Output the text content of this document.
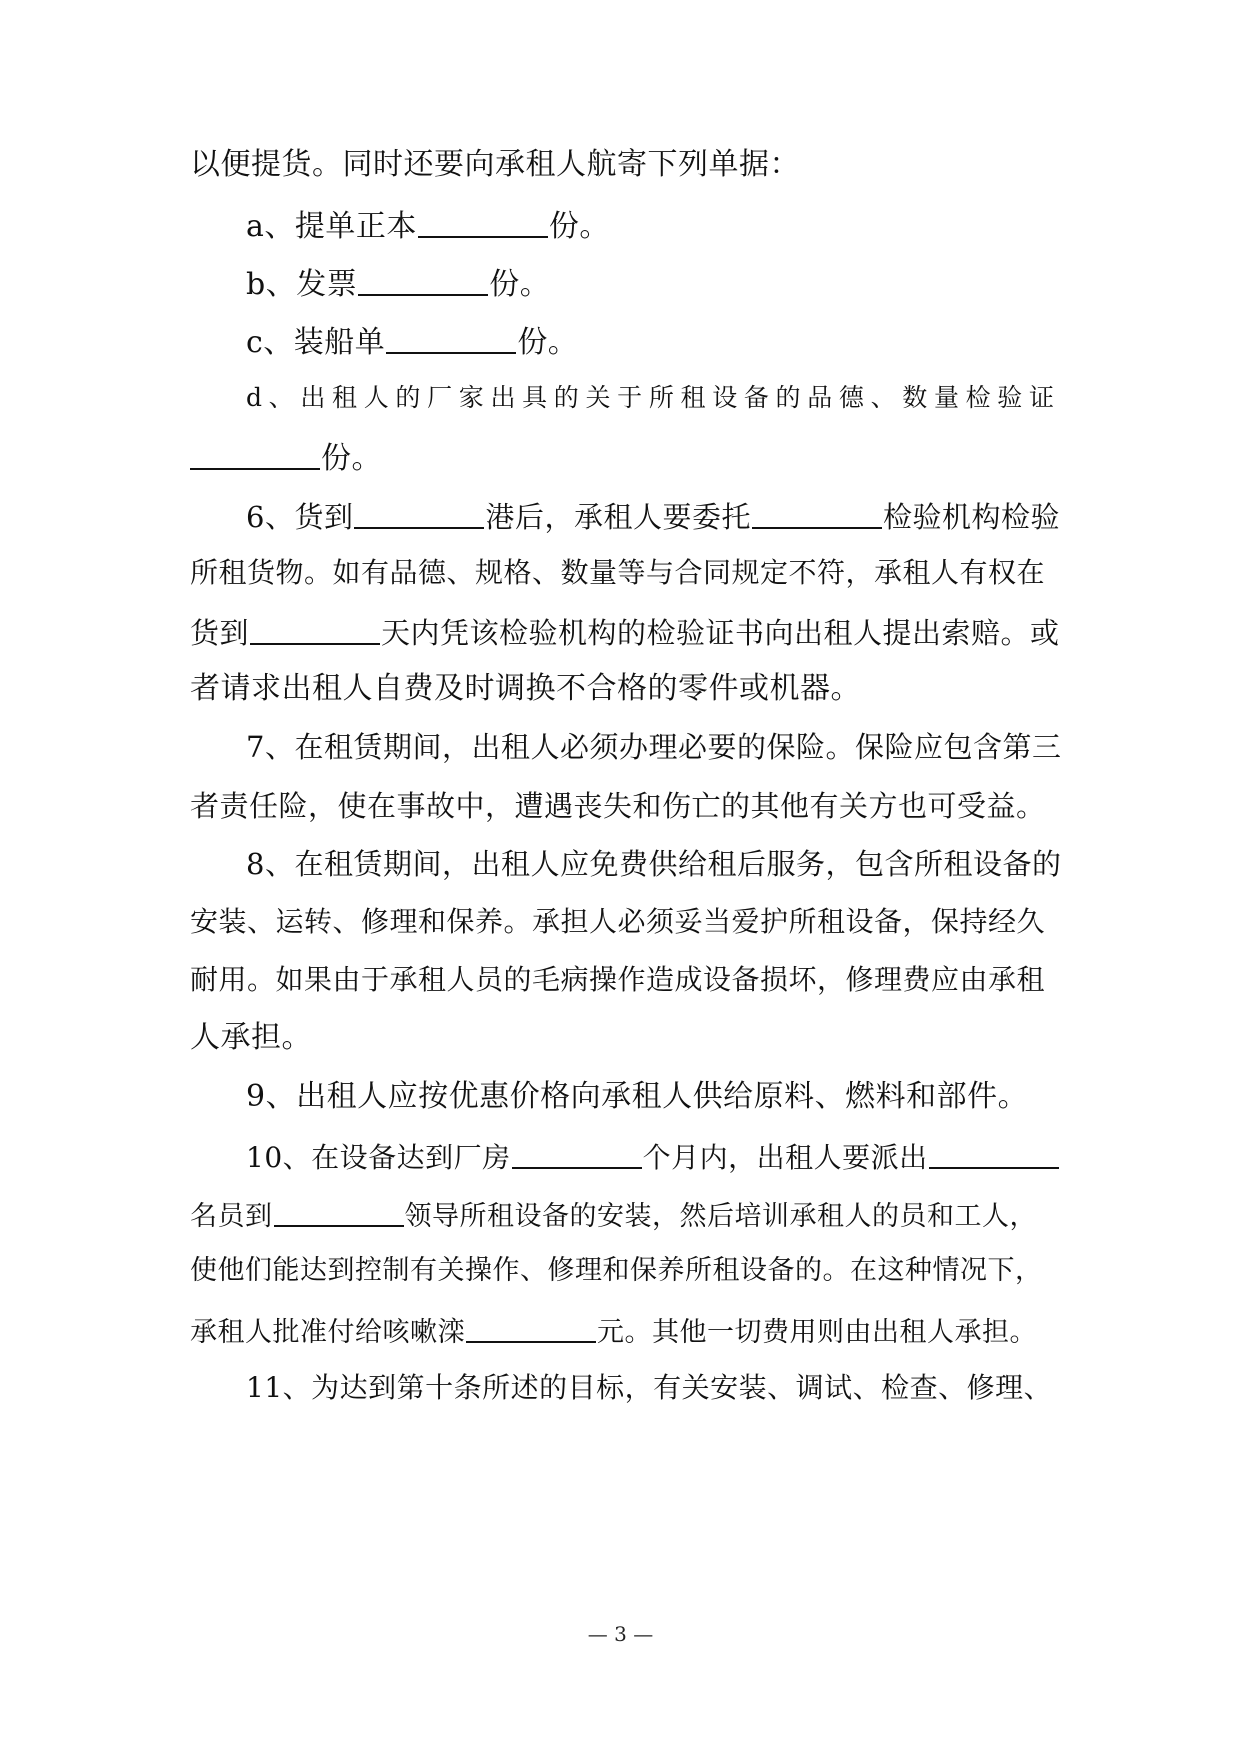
以便提货。同时还要向承租人航寄下列单据：
a、提单正本	份。
b、发票	份。
c、装船单	份。
d、出租人的厂家出具的关于所租设备的品德、数量检验证
份。
6、货到	港后，承租人要委托	检验机构检验
所租货物。如有品德、规格、数量等与合同规定不符，承租人有权在
货到	天内凭该检验机构的检验证书向出租人提出索赔。或
者请求出租人自费及时调换不合格的零件或机器。
7、在租赁期间，出租人必须办理必要的保险。保险应包含第三
者责任险，使在事故中，遭遇丧失和伤亡的其他有关方也可受益。
8、在租赁期间，出租人应免费供给租后服务，包含所租设备的
安装、运转、修理和保养。承担人必须妥当爱护所租设备，保持经久
耐用。如果由于承租人员的毛病操作造成设备损坏，修理费应由承租
人承担。
9、出租人应按优惠价格向承租人供给原料、燃料和部件。
10、在设备达到厂房	个月内，出租人要派出
名员到	领导所租设备的安装，然后培训承租人的员和工人，
使他们能达到控制有关操作、修理和保养所租设备的。在这种情况下，
承租人批准付给咳嗽滦	元。其他一切费用则由出租人承担。
11、为达到第十条所述的目标，有关安装、调试、检查、修理、
— 3 —
